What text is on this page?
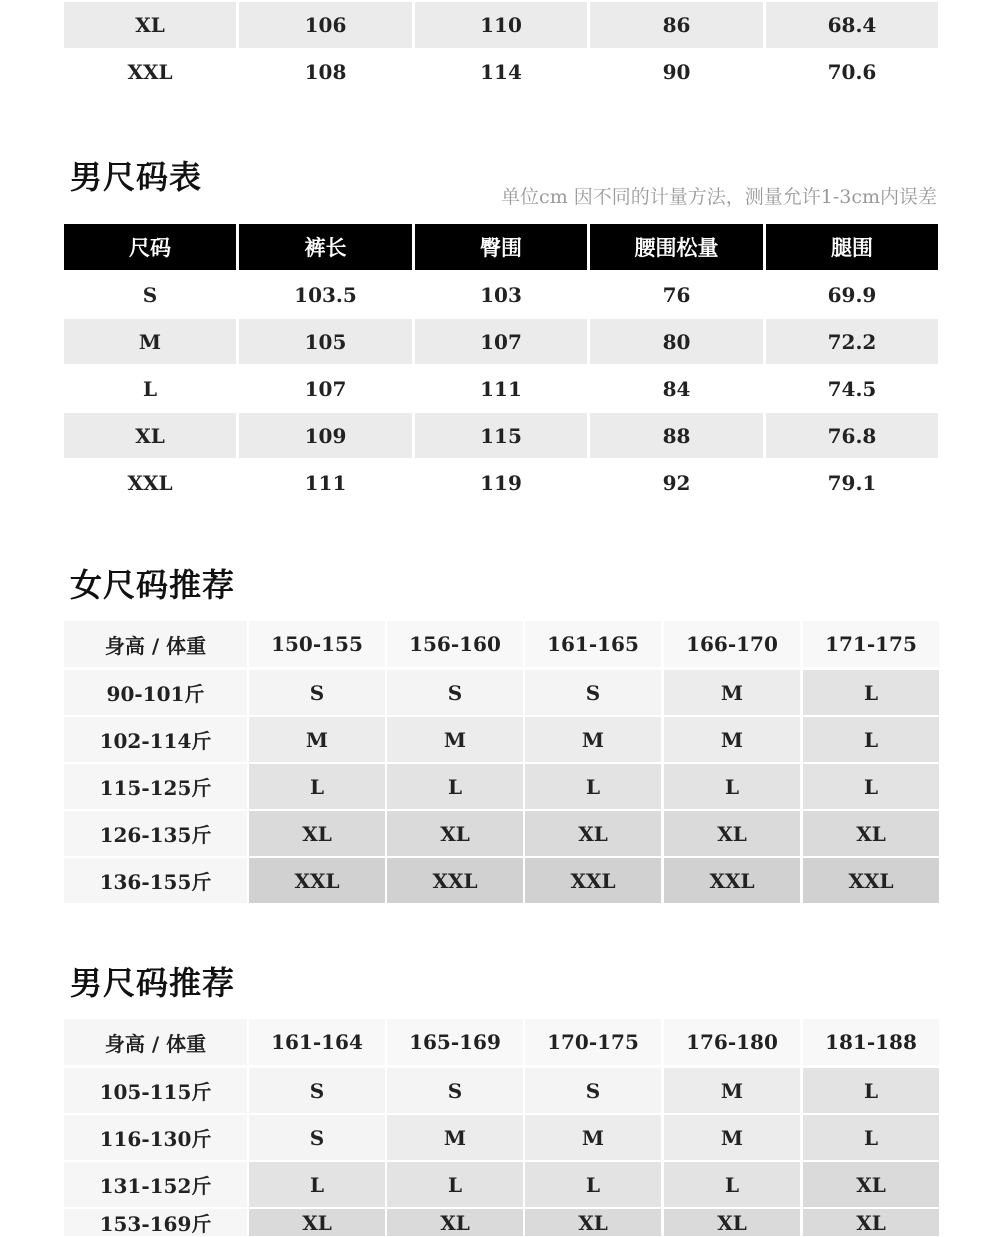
男尺码表
单位cm 因不同的计量方法，测量允许1-3cm内误差
女尺码推荐
男尺码推荐
XL	106	110	86	68.4
XXL	108	114	90	70.6
尺码	裤长	臀围	腰围松量	腿围
S	103.5	103	76	69.9
M	105	107	80	72.2
L	107	111	84	74.5
XL	109	115	88	76.8
XXL	111	119	92	79.1
身高 / 体重	150-155	156-160	161-165	166-170	171-175
90-101斤	S	S	S	M	L
102-114斤	M	M	M	M	L
115-125斤	L	L	L	L	L
126-135斤	XL	XL	XL	XL	XL
136-155斤	XXL	XXL	XXL	XXL	XXL
身高 / 体重	161-164	165-169	170-175	176-180	181-188
105-115斤	S	S	S	M	L
116-130斤	S	M	M	M	L
131-152斤	L	L	L	L	XL
153-169斤	XL	XL	XL	XL	XL
